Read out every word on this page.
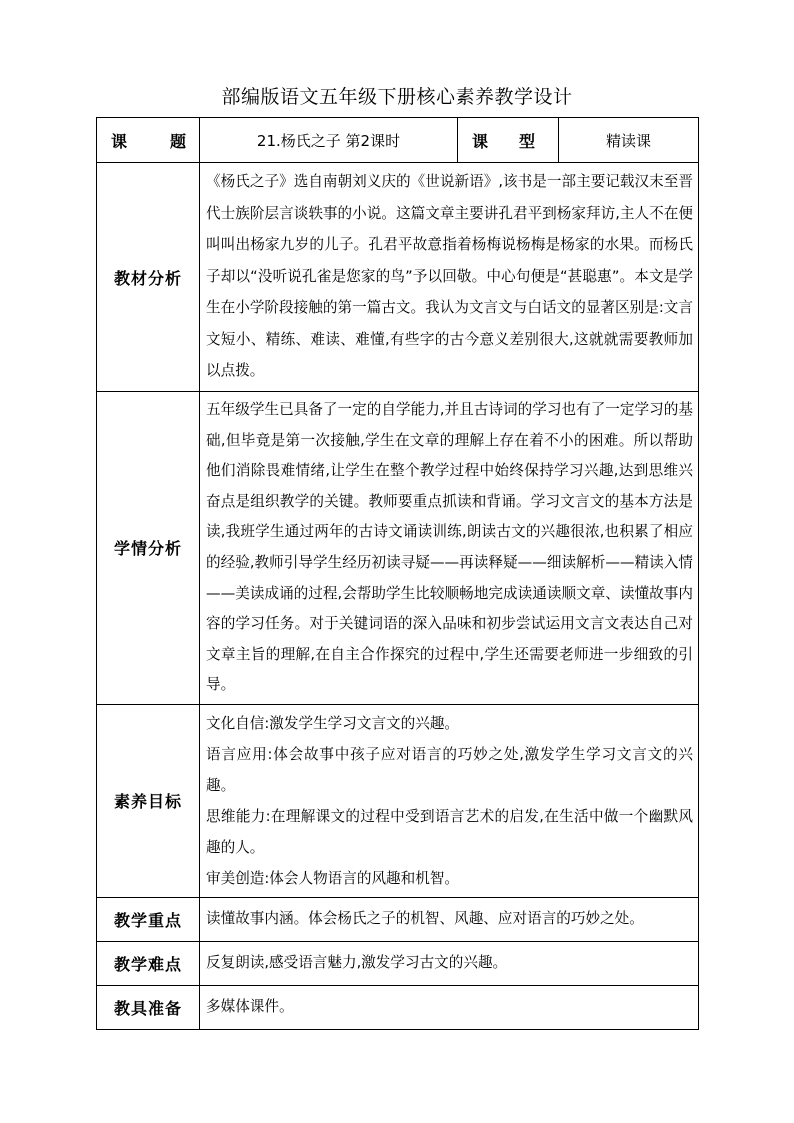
部编版语文五年级下册核心素养教学设计
课 题	21.杨氏之子 第2课时	课 型	精读课
教材分析	《杨氏之子》选自南朝刘义庆的《世说新语》,该书是一部主要记载汉末至晋代士族阶层言谈轶事的小说。这篇文章主要讲孔君平到杨家拜访,主人不在便叫叫出杨家九岁的儿子。孔君平故意指着杨梅说杨梅是杨家的水果。而杨氏子却以“没听说孔雀是您家的鸟”予以回敬。中心句便是“甚聪惠”。本文是学生在小学阶段接触的第一篇古文。我认为文言文与白话文的显著区别是:文言文短小、精练、难读、难懂,有些字的古今意义差别很大,这就就需要教师加以点拨。		
学情分析	五年级学生已具备了一定的自学能力,并且古诗词的学习也有了一定学习的基础,但毕竟是第一次接触,学生在文章的理解上存在着不小的困难。所以帮助他们消除畏难情绪,让学生在整个教学过程中始终保持学习兴趣,达到思维兴奋点是组织教学的关键。教师要重点抓读和背诵。学习文言文的基本方法是读,我班学生通过两年的古诗文诵读训练,朗读古文的兴趣很浓,也积累了相应的经验,教师引导学生经历初读寻疑——再读释疑——细读解析——精读入情——美读成诵的过程,会帮助学生比较顺畅地完成读通读顺文章、读懂故事内容的学习任务。对于关键词语的深入品味和初步尝试运用文言文表达自己对文章主旨的理解,在自主合作探究的过程中,学生还需要老师进一步细致的引导。		
素养目标	文化自信:激发学生学习文言文的兴趣。

语言应用:体会故事中孩子应对语言的巧妙之处,激发学生学习文言文的兴趣。

思维能力:在理解课文的过程中受到语言艺术的启发,在生活中做一个幽默风趣的人。

审美创造:体会人物语言的风趣和机智。		

教学重点	读懂故事内涵。体会杨氏之子的机智、风趣、应对语言的巧妙之处。		
教学难点	反复朗读,感受语言魅力,激发学习古文的兴趣。		
教具准备	多媒体课件。		
